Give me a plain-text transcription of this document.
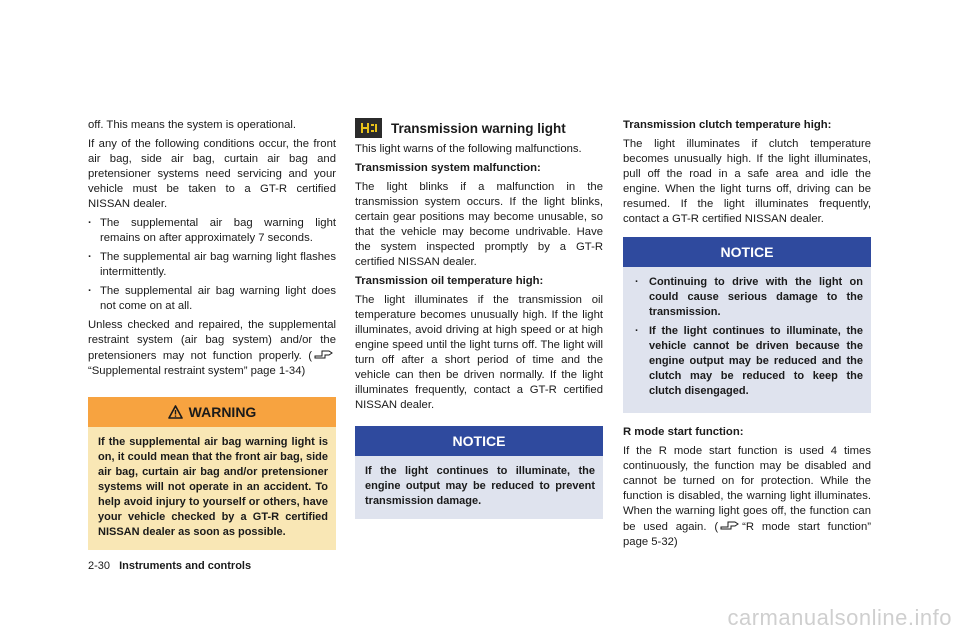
off. This means the system is operational.

If any of the following conditions occur, the front air bag, side air bag, curtain air bag and pretensioner systems need servicing and your vehicle must be taken to a GT-R certified NISSAN dealer.

. The supplemental air bag warning light remains on after approximately 7 seconds.
. The supplemental air bag warning light flashes intermittently.
. The supplemental air bag warning light does not come on at all.

Unless checked and repaired, the supplemental restraint system (air bag system) and/or the pretensioners may not function properly. (“Supplemental restraint system” page 1-34)

WARNING
If the supplemental air bag warning light is on, it could mean that the front air bag, side air bag, curtain air bag and/or pretensioner systems will not operate in an accident. To help avoid injury to yourself or others, have your vehicle checked by a GT-R certified NISSAN dealer as soon as possible.
Transmission warning light

This light warns of the following malfunctions.

Transmission system malfunction:

The light blinks if a malfunction in the transmission system occurs. If the light blinks, certain gear positions may become unusable, so that the vehicle may become undrivable. Have the system inspected promptly by a GT-R certified NISSAN dealer.

Transmission oil temperature high:

The light illuminates if the transmission oil temperature becomes unusually high. If the light illuminates, avoid driving at high speed or at high engine speed until the light turns off. The light will turn off after a short period of time and the vehicle can then be driven normally. If the light illuminates frequently, contact a GT-R certified NISSAN dealer.

NOTICE
If the light continues to illuminate, the engine output may be reduced to prevent transmission damage.
Transmission clutch temperature high:

The light illuminates if clutch temperature becomes unusually high. If the light illuminates, pull off the road in a safe area and idle the engine. When the light turns off, driving can be resumed. If the light illuminates frequently, contact a GT-R certified NISSAN dealer.

NOTICE
. Continuing to drive with the light on could cause serious damage to the transmission.
. If the light continues to illuminate, the vehicle cannot be driven because the engine output may be reduced and the clutch may be reduced to keep the clutch disengaged.
R mode start function:

If the R mode start function is used 4 times continuously, the function may be disabled and cannot be turned on for protection. While the function is disabled, the warning light illuminates. When the warning light goes off, the function can be used again. ( “R mode start function” page 5-32)

2-30 Instruments and controls
carmanualsonline.info
